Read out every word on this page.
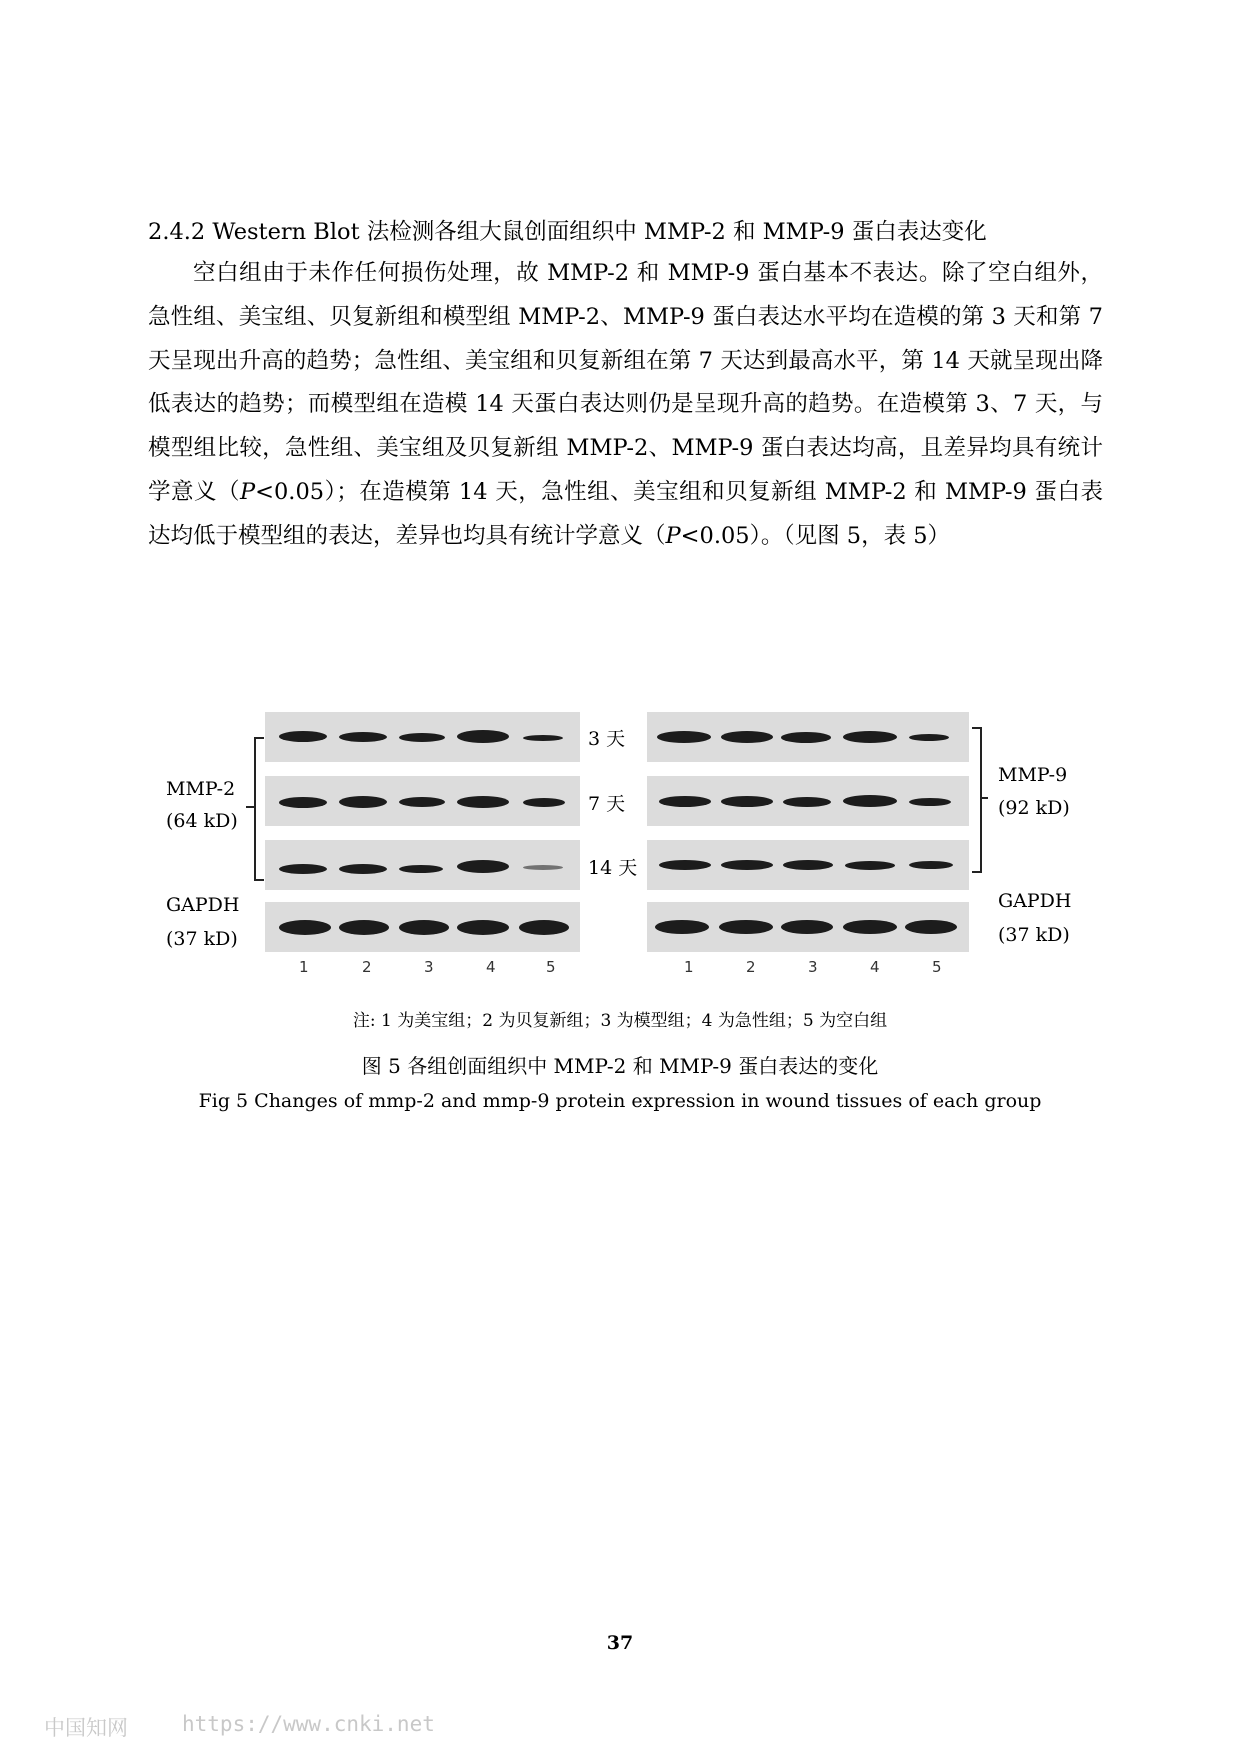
2.4.2 Western Blot 法检测各组大鼠创面组织中 MMP-2 和 MMP-9 蛋白表达变化
空白组由于未作任何损伤处理，故 MMP-2 和 MMP-9 蛋白基本不表达。除了空白组外，急性组、美宝组、贝复新组和模型组 MMP-2、MMP-9 蛋白表达水平均在造模的第 3 天和第 7 天呈现出升高的趋势；急性组、美宝组和贝复新组在第 7 天达到最高水平，第 14 天就呈现出降低表达的趋势；而模型组在造模 14 天蛋白表达则仍是呈现升高的趋势。在造模第 3、7 天，与模型组比较，急性组、美宝组及贝复新组 MMP-2、MMP-9 蛋白表达均高，且差异均具有统计学意义（P<0.05）；在造模第 14 天，急性组、美宝组和贝复新组 MMP-2 和 MMP-9 蛋白表达均低于模型组的表达，差异也均具有统计学意义（P<0.05）。（见图 5，表 5）
MMP-2
(64 kD)
3 天
7 天
14 天
GAPDH
(37 kD)
1	2	3	4	5
MMP-9
(92 kD)
GAPDH
(37 kD)
1	2	3	4	5
注: 1 为美宝组；2 为贝复新组；3 为模型组；4 为急性组；5 为空白组
图 5 各组创面组织中 MMP-2 和 MMP-9 蛋白表达的变化
Fig 5 Changes of mmp-2 and mmp-9 protein expression in wound tissues of each group
37
中国知网	https://www.cnki.net
